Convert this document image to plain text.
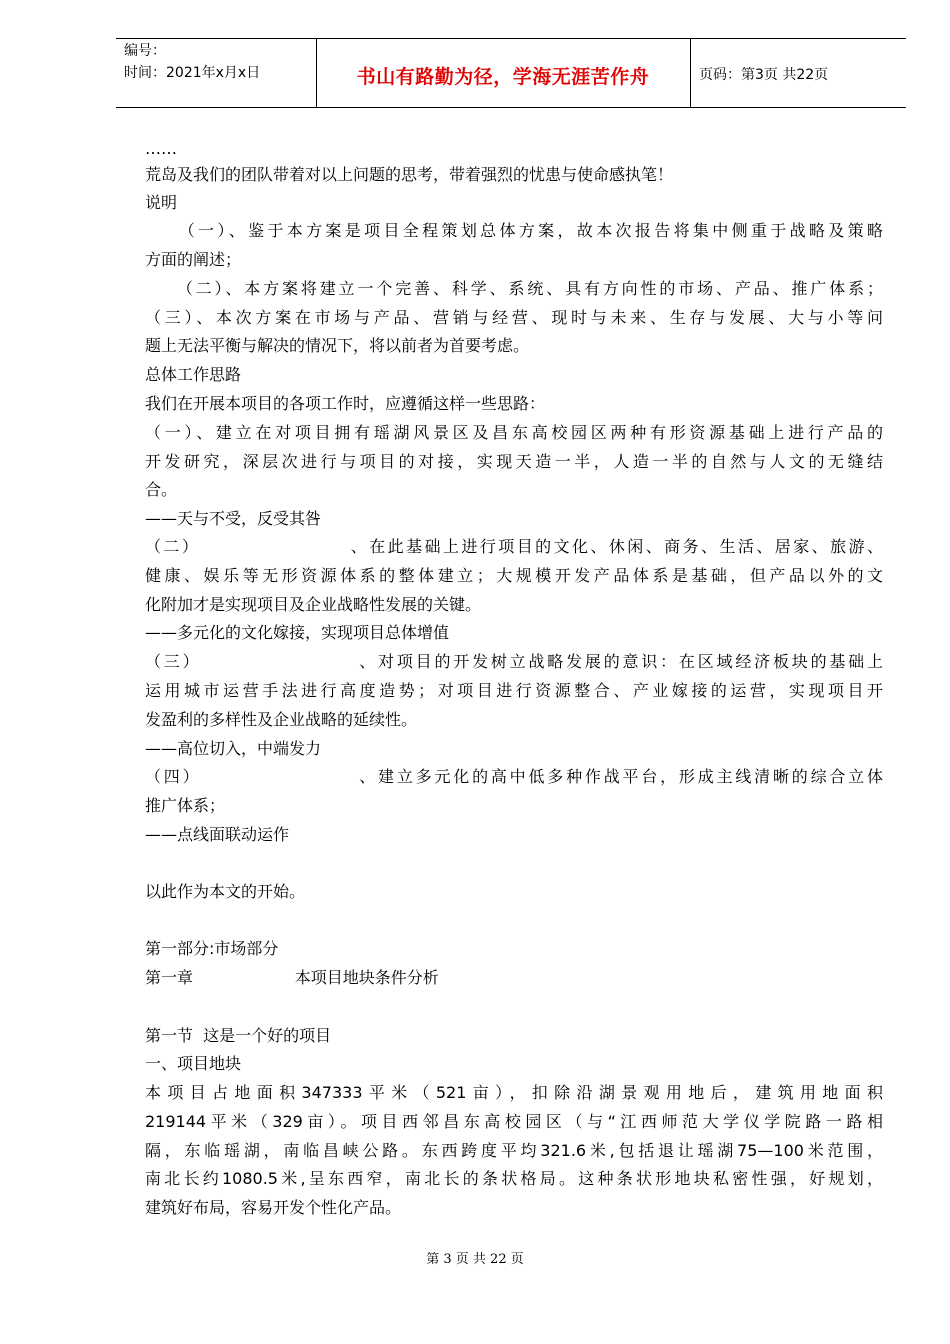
编号：
时间：2021年x月x日	书山有路勤为径，学海无涯苦作舟	页码：第3页 共22页
……
荒岛及我们的团队带着对以上问题的思考，带着强烈的忧患与使命感执笔！
说明
（一）、鉴于本方案是项目全程策划总体方案，故本次报告将集中侧重于战略及策略
方面的阐述；
（二）、本方案将建立一个完善、科学、系统、具有方向性的市场、产品、推广体系；
（三）、本次方案在市场与产品、营销与经营、现时与未来、生存与发展、大与小等问
题上无法平衡与解决的情况下，将以前者为首要考虑。
总体工作思路
我们在开展本项目的各项工作时，应遵循这样一些思路：
（一）、建立在对项目拥有瑶湖风景区及昌东高校园区两种有形资源基础上进行产品的
开发研究，深层次进行与项目的对接，实现天造一半，人造一半的自然与人文的无缝结
合。
——天与不受，反受其咎
（二）                    、在此基础上进行项目的文化、休闲、商务、生活、居家、旅游、
健康、娱乐等无形资源体系的整体建立；大规模开发产品体系是基础，但产品以外的文
化附加才是实现项目及企业战略性发展的关键。
——多元化的文化嫁接，实现项目总体增值
（三）                    、对项目的开发树立战略发展的意识：在区域经济板块的基础上
运用城市运营手法进行高度造势；对项目进行资源整合、产业嫁接的运营，实现项目开
发盈利的多样性及企业战略的延续性。
——高位切入，中端发力
（四）                    、建立多元化的高中低多种作战平台，形成主线清晰的综合立体
推广体系；
——点线面联动运作
以此作为本文的开始。
第一部分:市场部分
第一章                    本项目地块条件分析
第一节  这是一个好的项目
一、项目地块
本项目占地面积347333平米（521亩），扣除沿湖景观用地后，建筑用地面积
219144平米（329亩）。项目西邻昌东高校园区（与“江西师范大学仪学院路一路相
隔，东临瑶湖，南临昌峡公路。东西跨度平均321.6米,包括退让瑶湖75—100米范围，
南北长约1080.5米,呈东西窄，南北长的条状格局。这种条状形地块私密性强，好规划，
建筑好布局，容易开发个性化产品。
第 3 页 共 22 页
